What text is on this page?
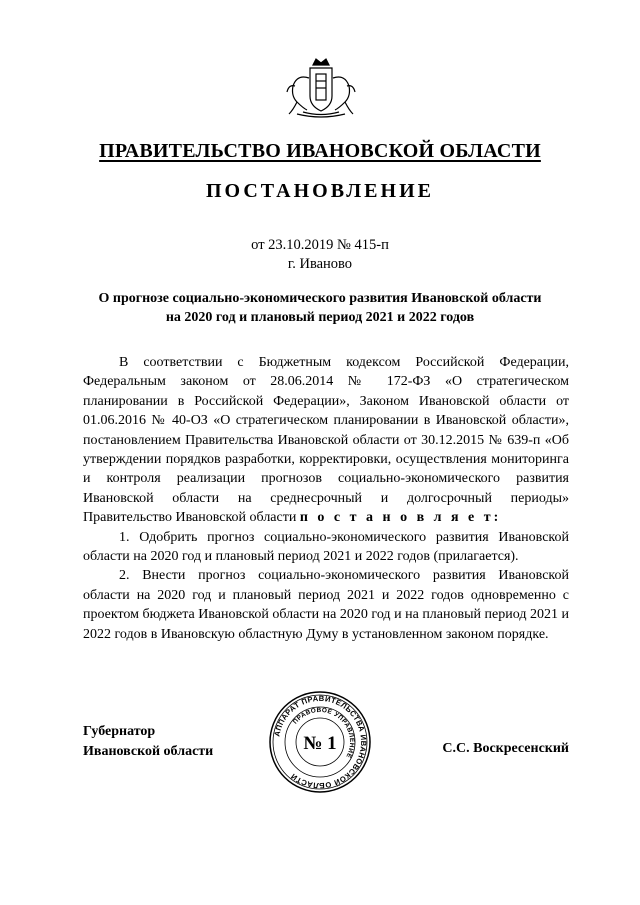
ПРАВИТЕЛЬСТВО ИВАНОВСКОЙ ОБЛАСТИ
ПОСТАНОВЛЕНИЕ
от 23.10.2019 № 415-п
г. Иваново
О прогнозе социально-экономического развития Ивановской области
на 2020 год и плановый период 2021 и 2022 годов

В соответствии с Бюджетным кодексом Российской Федерации, Федеральным законом от 28.06.2014 № 172-ФЗ «О стратегическом планировании в Российской Федерации», Законом Ивановской области от 01.06.2016 № 40-ОЗ «О стратегическом планировании в Ивановской области», постановлением Правительства Ивановской области от 30.12.2015 № 639-п «Об утверждении порядков разработки, корректировки, осуществления мониторинга и контроля реализации прогнозов социально-экономического развития Ивановской области на среднесрочный и долгосрочный периоды» Правительство Ивановской области п о с т а н о в л я е т:

1. Одобрить прогноз социально-экономического развития Ивановской области на 2020 год и плановый период 2021 и 2022 годов (прилагается).

2. Внести прогноз социально-экономического развития Ивановской области на 2020 год и плановый период 2021 и 2022 годов одновременно с проектом бюджета Ивановской области на 2020 год и на плановый период 2021 и 2022 годов в Ивановскую областную Думу в установленном законом порядке.

Губернатор
Ивановской области
АППАРАТ ПРАВИТЕЛЬСТВА ИВАНОВСКОЙ ОБЛАСТИ
ПРАВОВОЕ УПРАВЛЕНИЕ
№ 1	С.С. Воскресенский
